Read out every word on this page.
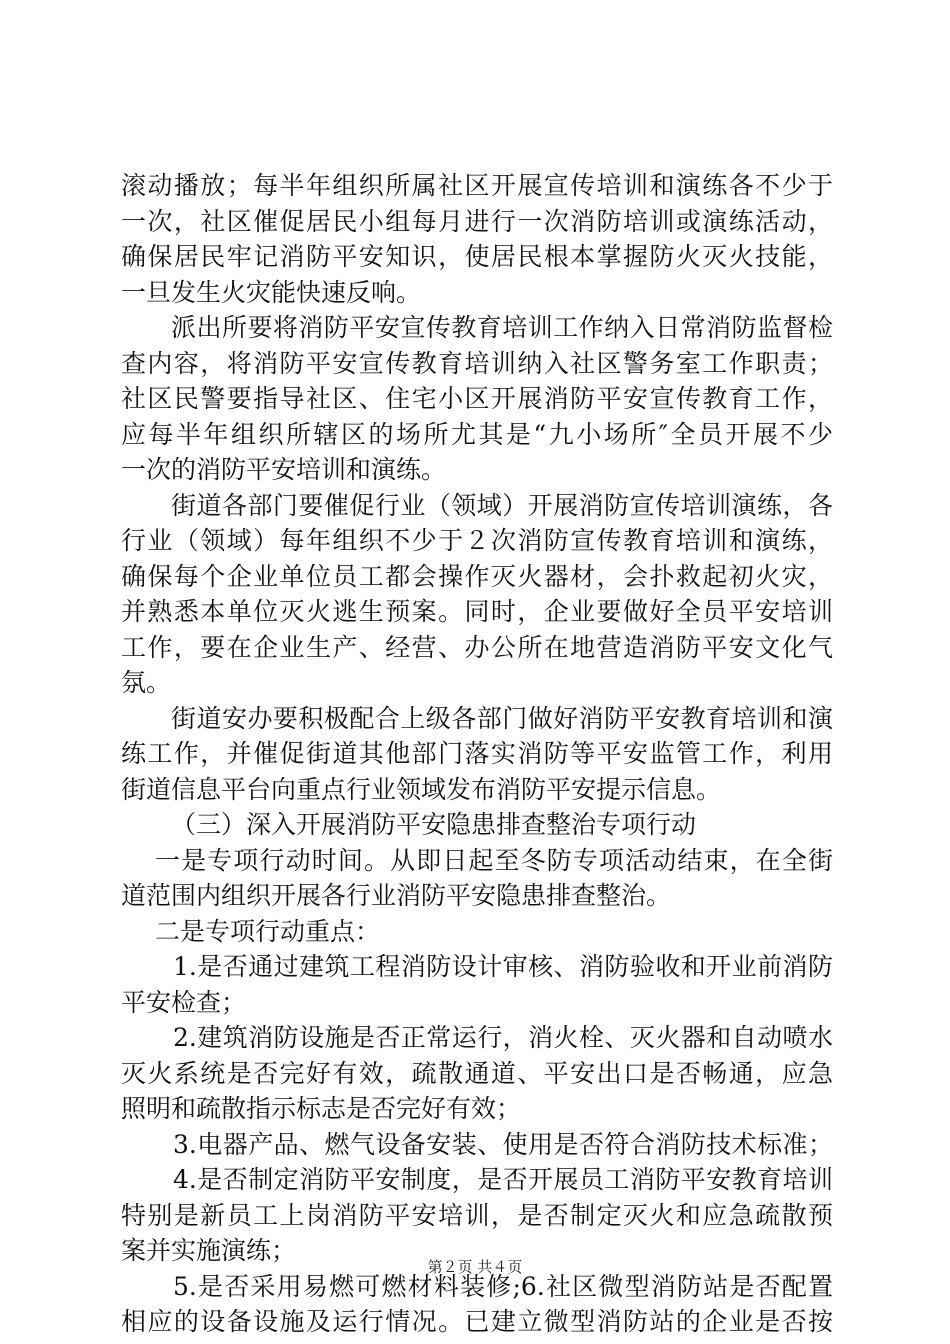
滚动播放；每半年组织所属社区开展宣传培训和演练各不少于

一次，社区催促居民小组每月进行一次消防培训或演练活动，

确保居民牢记消防平安知识，使居民根本掌握防火灭火技能，

一旦发生火灾能快速反响。

派出所要将消防平安宣传教育培训工作纳入日常消防监督检

查内容，将消防平安宣传教育培训纳入社区警务室工作职责；

社区民警要指导社区、住宅小区开展消防平安宣传教育工作，

应每半年组织所辖区的场所尤其是“九小场所″全员开展不少

一次的消防平安培训和演练。

街道各部门要催促行业（领域）开展消防宣传培训演练，各

行业（领域）每年组织不少于２次消防宣传教育培训和演练，

确保每个企业单位员工都会操作灭火器材，会扑救起初火灾，

并熟悉本单位灭火逃生预案。同时，企业要做好全员平安培训

工作，要在企业生产、经营、办公所在地营造消防平安文化气

氛。

街道安办要积极配合上级各部门做好消防平安教育培训和演

练工作，并催促街道其他部门落实消防等平安监管工作，利用

街道信息平台向重点行业领域发布消防平安提示信息。

（三）深入开展消防平安隐患排查整治专项行动

一是专项行动时间。从即日起至冬防专项活动结束，在全街

道范围内组织开展各行业消防平安隐患排查整治。

二是专项行动重点：

1.是否通过建筑工程消防设计审核、消防验收和开业前消防

平安检查；

2.建筑消防设施是否正常运行，消火栓、灭火器和自动喷水

灭火系统是否完好有效，疏散通道、平安出口是否畅通，应急

照明和疏散指示标志是否完好有效；

3.电器产品、燃气设备安装、使用是否符合消防技术标准；

4.是否制定消防平安制度，是否开展员工消防平安教育培训

特别是新员工上岗消防平安培训，是否制定灭火和应急疏散预

案并实施演练；

5.是否采用易燃可燃材料装修;6.社区微型消防站是否配置

相应的设备设施及运行情况。已建立微型消防站的企业是否按

第２页 共４页
